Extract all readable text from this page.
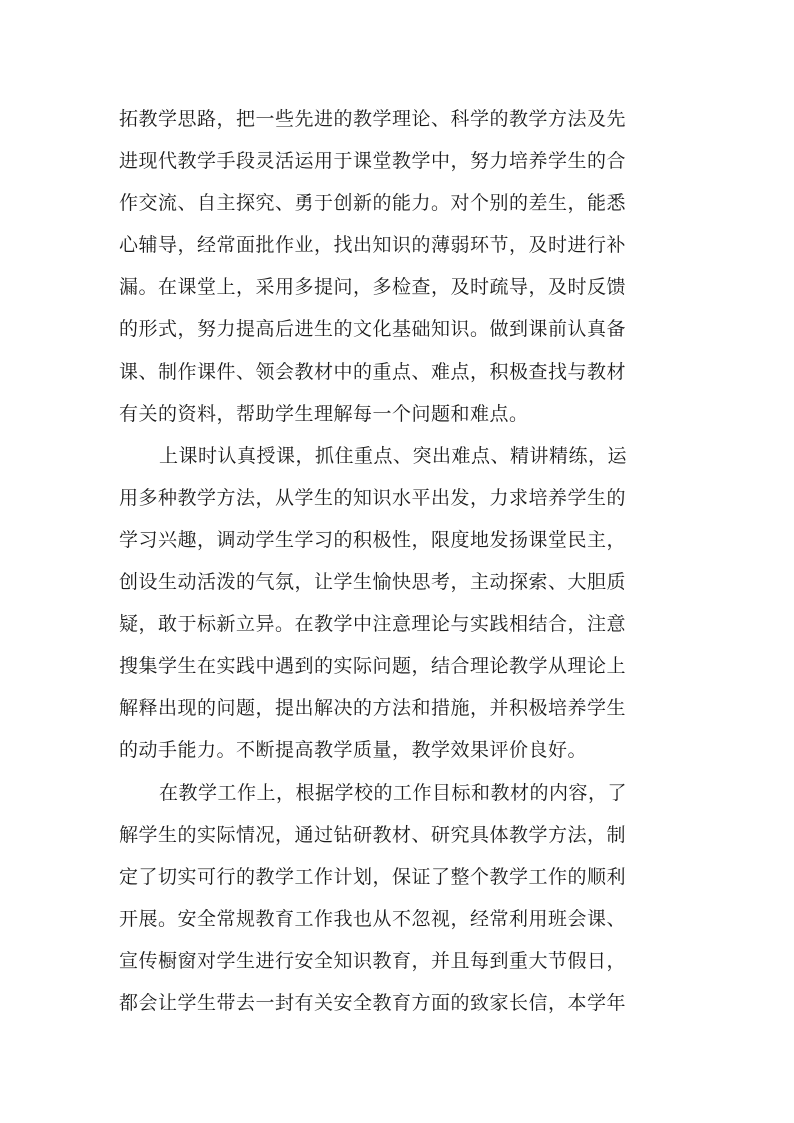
拓教学思路，把一些先进的教学理论、科学的教学方法及先
进现代教学手段灵活运用于课堂教学中，努力培养学生的合
作交流、自主探究、勇于创新的能力。对个别的差生，能悉
心辅导，经常面批作业，找出知识的薄弱环节，及时进行补
漏。在课堂上，采用多提问，多检查，及时疏导，及时反馈
的形式，努力提高后进生的文化基础知识。做到课前认真备
课、制作课件、领会教材中的重点、难点，积极查找与教材
有关的资料，帮助学生理解每一个问题和难点。
上课时认真授课，抓住重点、突出难点、精讲精练，运
用多种教学方法，从学生的知识水平出发，力求培养学生的
学习兴趣，调动学生学习的积极性，限度地发扬课堂民主，
创设生动活泼的气氛，让学生愉快思考，主动探索、大胆质
疑，敢于标新立异。在教学中注意理论与实践相结合，注意
搜集学生在实践中遇到的实际问题，结合理论教学从理论上
解释出现的问题，提出解决的方法和措施，并积极培养学生
的动手能力。不断提高教学质量，教学效果评价良好。
在教学工作上，根据学校的工作目标和教材的内容，了
解学生的实际情况，通过钻研教材、研究具体教学方法，制
定了切实可行的教学工作计划，保证了整个教学工作的顺利
开展。安全常规教育工作我也从不忽视，经常利用班会课、
宣传橱窗对学生进行安全知识教育，并且每到重大节假日，
都会让学生带去一封有关安全教育方面的致家长信，本学年
